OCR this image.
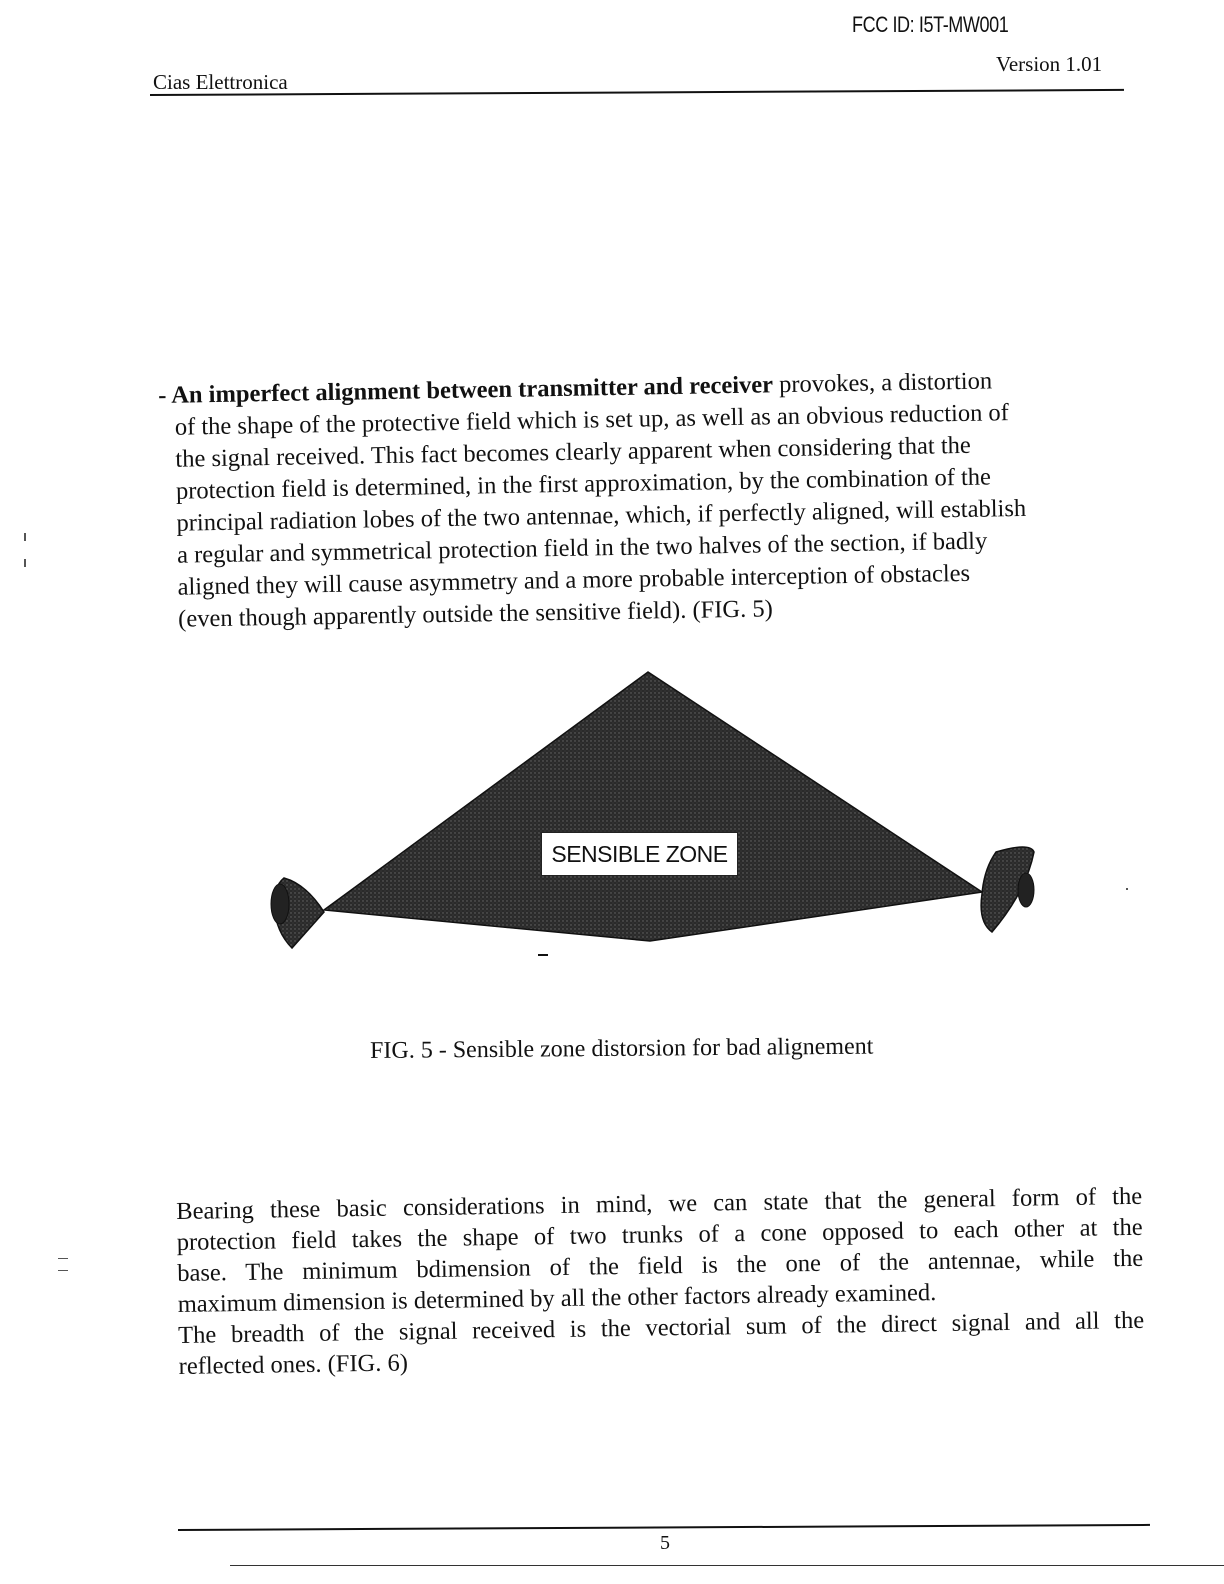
FCC ID: I5T-MW001
Cias Elettronica
Version 1.01
- An imperfect alignment between transmitter and receiver provokes, a distortion
of the shape of the protective field which is set up, as well as an obvious reduction of
the signal received. This fact becomes clearly apparent when considering that the
protection field is determined, in the first approximation, by the combination of the
principal radiation lobes of the two antennae, which, if perfectly aligned, will establish
a regular and symmetrical protection field in the two halves of the section, if badly
aligned they will cause asymmetry and a more probable interception of obstacles
(even though apparently outside the sensitive field). (FIG. 5)
SENSIBLE ZONE
FIG. 5 - Sensible zone distorsion for bad alignement

Bearing these basic considerations in mind, we can state that the general form of the

protection field takes the shape of two trunks of a cone opposed to each other at the

base. The minimum bdimension of the field is the one of the antennae, while the

maximum dimension is determined by all the other factors already examined.

The breadth of the signal received is the vectorial sum of the direct signal and all the

reflected ones. (FIG. 6)

5
